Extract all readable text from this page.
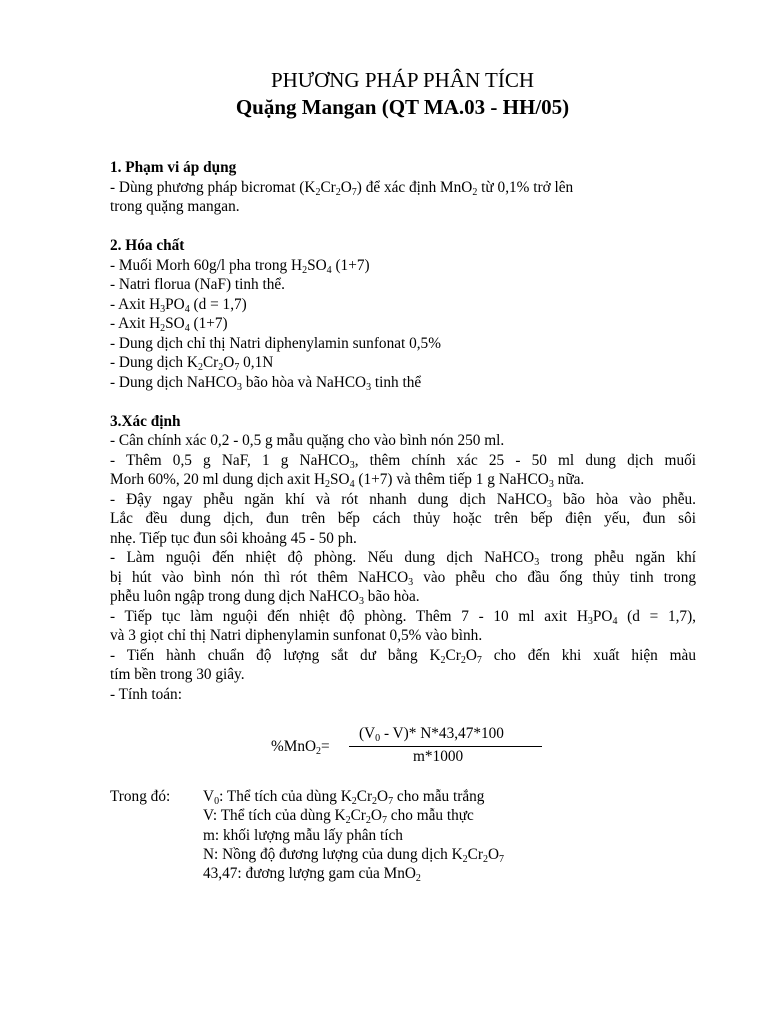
PHƯƠNG PHÁP PHÂN TÍCH
Quặng Mangan (QT MA.03 - HH/05)

1. Phạm vi áp dụng

- Dùng phương pháp bicromat $(K_2Cr_2O_7)$ để xác định MnO$_2$ từ 0,1% trở lên

trong quặng mangan.

2. Hóa chất

- Muối Morh 60g/l pha trong $H_2SO_4$ (1+7)

- Natri florua (NaF) tinh thể.

- Axit $H_3PO_4$ (d = 1,7)

- Axit $H_2SO_4$ (1+7)

- Dung dịch chỉ thị Natri diphenylamin sunfonat 0,5%

- Dung dịch $K_2Cr_2O_7$ 0,1N

- Dung dịch NaHCO$_3$ bão hòa và NaHCO$_3$ tinh thể

3.Xác định

- Cân chính xác 0,2 - 0,5 g mẫu quặng cho vào bình nón 250 ml.

- Thêm 0,5 g NaF, 1 g NaHCO$_3$, thêm chính xác 25 - 50 ml dung dịch muối

Morh 60%, 20 ml dung dịch axit $H_2SO_4$ (1+7) và thêm tiếp 1 g NaHCO$_3$ nữa.

- Đậy ngay phễu ngăn khí và rót nhanh dung dịch NaHCO$_3$ bão hòa vào phễu.

Lắc đều dung dịch, đun trên bếp cách thủy hoặc trên bếp điện yếu, đun sôi

nhẹ. Tiếp tục đun sôi khoảng 45 - 50 ph.

- Làm nguội đến nhiệt độ phòng. Nếu dung dịch NaHCO$_3$ trong phễu ngăn khí

bị hút vào bình nón thì rót thêm NaHCO$_3$ vào phễu cho đầu ống thủy tinh trong

phễu luôn ngập trong dung dịch NaHCO$_3$ bão hòa.

- Tiếp tục làm nguội đến nhiệt độ phòng. Thêm 7 - 10 ml axit $H_3PO_4$ (d = 1,7),

và 3 giọt chỉ thị Natri diphenylamin sunfonat 0,5% vào bình.

- Tiến hành chuẩn độ lượng sắt dư bằng $K_2Cr_2O_7$ cho đến khi xuất hiện màu

tím bền trong 30 giây.

- Tính toán:

%MnO$_2$=
$(V_0 - V)*$ N*43,47*100
m*1000
Trong đó: $V_0$: Thể tích của dùng $K_2Cr_2O_7$ cho mẫu trắng
V: Thể tích của dùng $K_2Cr_2O_7$ cho mẫu thực
m: khối lượng mẫu lấy phân tích
N: Nồng độ đương lượng của dung dịch $K_2Cr_2O_7$
43,47: đương lượng gam của MnO$_2$
